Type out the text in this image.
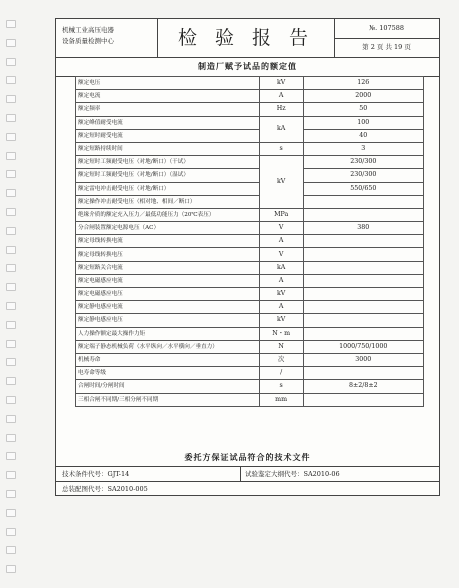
机械工业高压电器
设备质量检测中心	检 验 报 告	№. 107588
第 2 页 共 19 页
制造厂赋予试品的额定值
额定电压	kV	126
额定电流	A	2000
额定频率	Hz	50
额定峰值耐受电流	kA	100
额定短时耐受电流		40
额定短路持续时间	s	3
额定短时工频耐受电压（对地/断口）（干试）	kV	230/300
额定短时工频耐受电压（对地/断口）（湿试）		230/300
额定雷电冲击耐受电压（对地/断口）		550/650
额定操作冲击耐受电压（相对地、相间／断口）		
绝缘介质的额定充入压力／最低功能压力（20℃表压）	MPa	
分合闸装置额定电源电压（AC）	V	380
额定母线转换电流	A	
额定母线转换电压	V	
额定短路关合电流	kA	
额定电磁感应电流	A	
额定电磁感应电压	kV	
额定静电感应电流	A	
额定静电感应电压	kV	
人力操作额定最大操作力矩	N・m	
额定端子静态机械负荷（水平纵向／水平横向／垂直力）	N	1000/750/1000
机械寿命	次	3000
电寿命等级	/	
合闸时间/分闸时间	s	8±2/8±2
三相合闸不同期/三相分闸不同期	mm	
委托方保证试品符合的技术文件
技术条件代号：GJT-14	试验鉴定大纲代号：SA2010-06
总装配图代号：SA2010-005
